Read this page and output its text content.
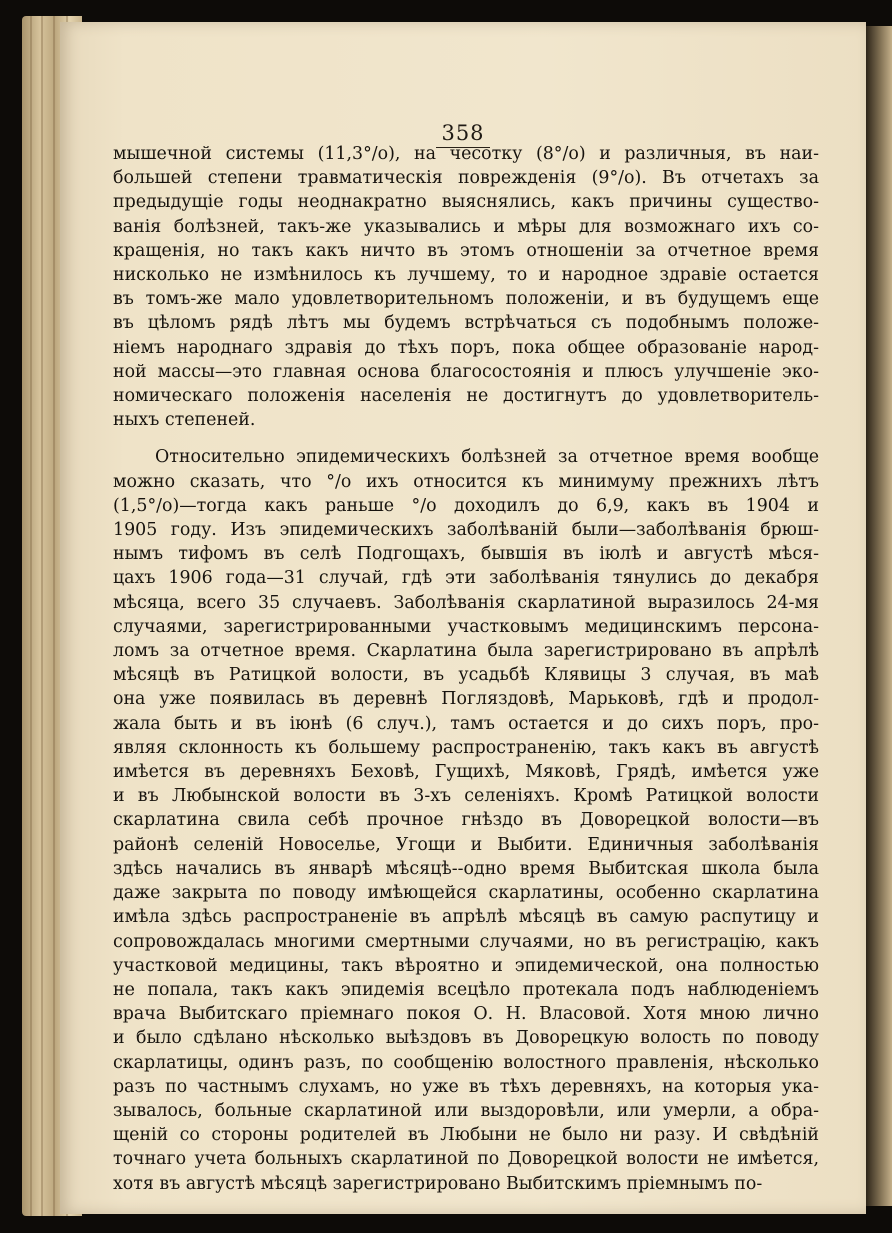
358
мышечной системы (11,3°/о), на чесотку (8°/о) и различныя, въ наи-
большей степени травматическія поврежденія (9°/о). Въ отчетахъ за
предыдущіе годы неоднакратно выяснялись, какъ причины существо-
ванія болѣзней, такъ-же указывались и мѣры для возможнаго ихъ со-
кращенія, но такъ какъ ничто въ этомъ отношеніи за отчетное время
нисколько не измѣнилось къ лучшему, то и народное здравіе остается
въ томъ-же мало удовлетворительномъ положеніи, и въ будущемъ еще
въ цѣломъ рядѣ лѣтъ мы будемъ встрѣчаться съ подобнымъ положе-
ніемъ народнаго здравія до тѣхъ поръ, пока общее образованіе народ-
ной массы—это главная основа благосостоянія и плюсъ улучшеніе эко-
номическаго положенія населенія не достигнутъ до удовлетворитель-
ныхъ степеней.
Относительно эпидемическихъ болѣзней за отчетное время вообще
можно сказать, что °/о ихъ относится къ минимуму прежнихъ лѣтъ
(1,5°/о)—тогда какъ раньше °/о доходилъ до 6,9, какъ въ 1904 и
1905 году. Изъ эпидемическихъ заболѣваній были—заболѣванія брюш-
нымъ тифомъ въ селѣ Подгощахъ, бывшія въ іюлѣ и августѣ мѣся-
цахъ 1906 года—31 случай, гдѣ эти заболѣванія тянулись до декабря
мѣсяца, всего 35 случаевъ. Заболѣванія скарлатиной выразилось 24-мя
случаями, зарегистрированными участковымъ медицинскимъ персона-
ломъ за отчетное время. Скарлатина была зарегистрировано въ апрѣлѣ
мѣсяцѣ въ Ратицкой волости, въ усадьбѣ Клявицы 3 случая, въ маѣ
она уже появилась въ деревнѣ Погляздовѣ, Марьковѣ, гдѣ и продол-
жала быть и въ іюнѣ (6 случ.), тамъ остается и до сихъ поръ, про-
являя склонность къ большему распространенію, такъ какъ въ августѣ
имѣется въ деревняхъ Беховѣ, Гущихѣ, Мяковѣ, Грядѣ, имѣется уже
и въ Любынской волости въ 3-хъ селеніяхъ. Кромѣ Ратицкой волости
скарлатина свила себѣ прочное гнѣздо въ Доворецкой волости—въ
районѣ селеній Новоселье, Угощи и Выбити. Единичныя заболѣванія
здѣсь начались въ январѣ мѣсяцѣ--одно время Выбитская школа была
даже закрыта по поводу имѣющейся скарлатины, особенно скарлатина
имѣла здѣсь распространеніе въ апрѣлѣ мѣсяцѣ въ самую распутицу и
сопровождалась многими смертными случаями, но въ регистрацію, какъ
участковой медицины, такъ вѣроятно и эпидемической, она полностью
не попала, такъ какъ эпидемія всецѣло протекала подъ наблюденіемъ
врача Выбитскаго пріемнаго покоя О. Н. Власовой. Хотя мною лично
и было сдѣлано нѣсколько выѣздовъ въ Доворецкую волость по поводу
скарлатицы, одинъ разъ, по сообщенію волостного правленія, нѣсколько
разъ по частнымъ слухамъ, но уже въ тѣхъ деревняхъ, на которыя ука-
зывалось, больные скарлатиной или выздоровѣли, или умерли, а обра-
щеній со стороны родителей въ Любыни не было ни разу. И свѣдѣній
точнаго учета больныхъ скарлатиной по Доворецкой волости не имѣется,
хотя въ августѣ мѣсяцѣ зарегистрировано Выбитскимъ пріемнымъ по-
